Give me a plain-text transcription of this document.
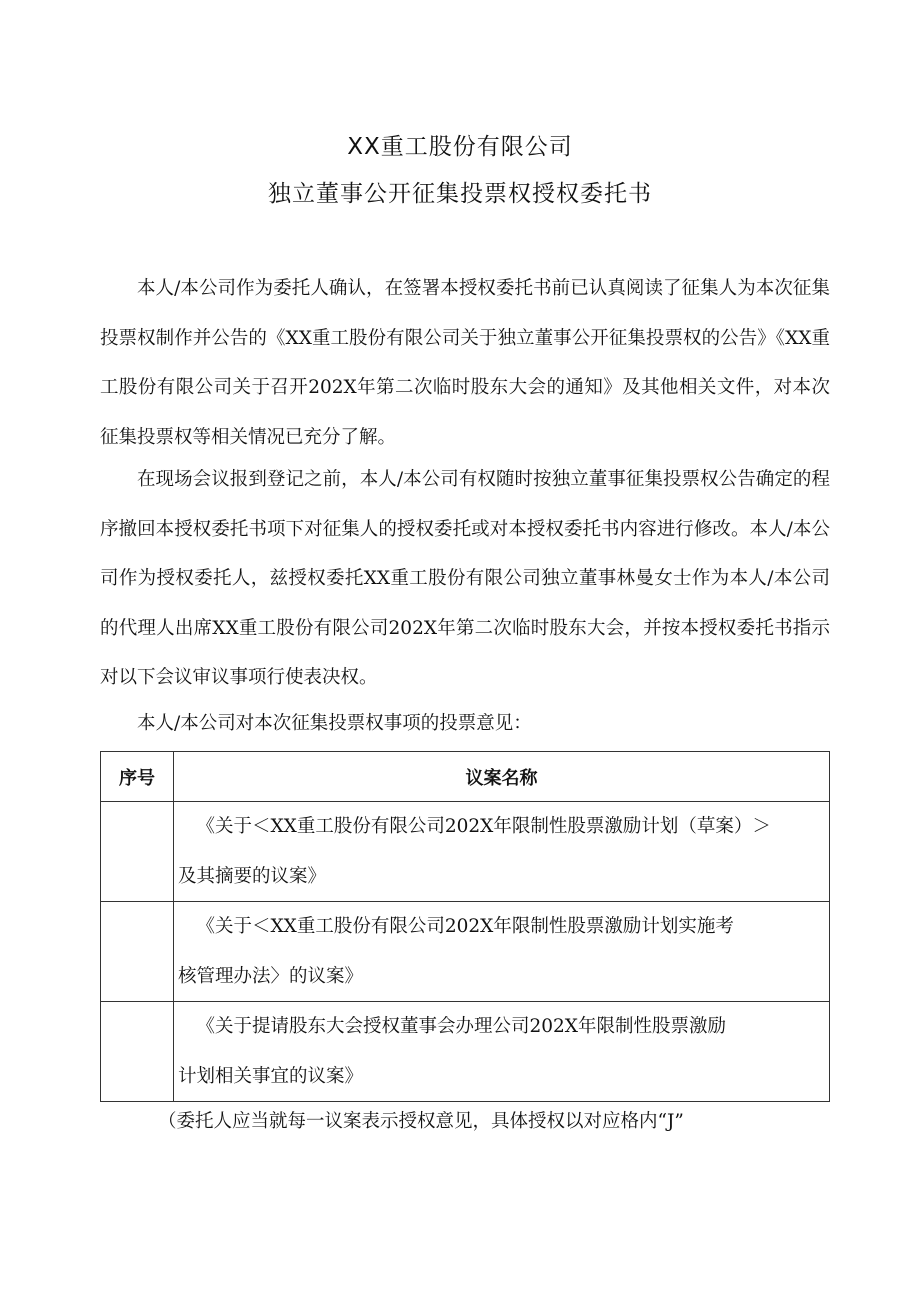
XX重工股份有限公司
独立董事公开征集投票权授权委托书

本人/本公司作为委托人确认，在签署本授权委托书前已认真阅读了征集人为本次征集投票权制作并公告的《XX重工股份有限公司关于独立董事公开征集投票权的公告》《XX重工股份有限公司关于召开202X年第二次临时股东大会的通知》及其他相关文件，对本次征集投票权等相关情况已充分了解。

在现场会议报到登记之前，本人/本公司有权随时按独立董事征集投票权公告确定的程序撤回本授权委托书项下对征集人的授权委托或对本授权委托书内容进行修改。本人/本公司作为授权委托人，兹授权委托XX重工股份有限公司独立董事林曼女士作为本人/本公司的代理人出席XX重工股份有限公司202X年第二次临时股东大会，并按本授权委托书指示对以下会议审议事项行使表决权。

本人/本公司对本次征集投票权事项的投票意见：

序号	议案名称

	《关于＜XX重工股份有限公司202X年限制性股票激励计划（草案）＞
及其摘要的议案》

	《关于＜XX重工股份有限公司202X年限制性股票激励计划实施考
核管理办法〉的议案》

	《关于提请股东大会授权董事会办理公司202X年限制性股票激励
计划相关事宜的议案》
（委托人应当就每一议案表示授权意见，具体授权以对应格内“J”
